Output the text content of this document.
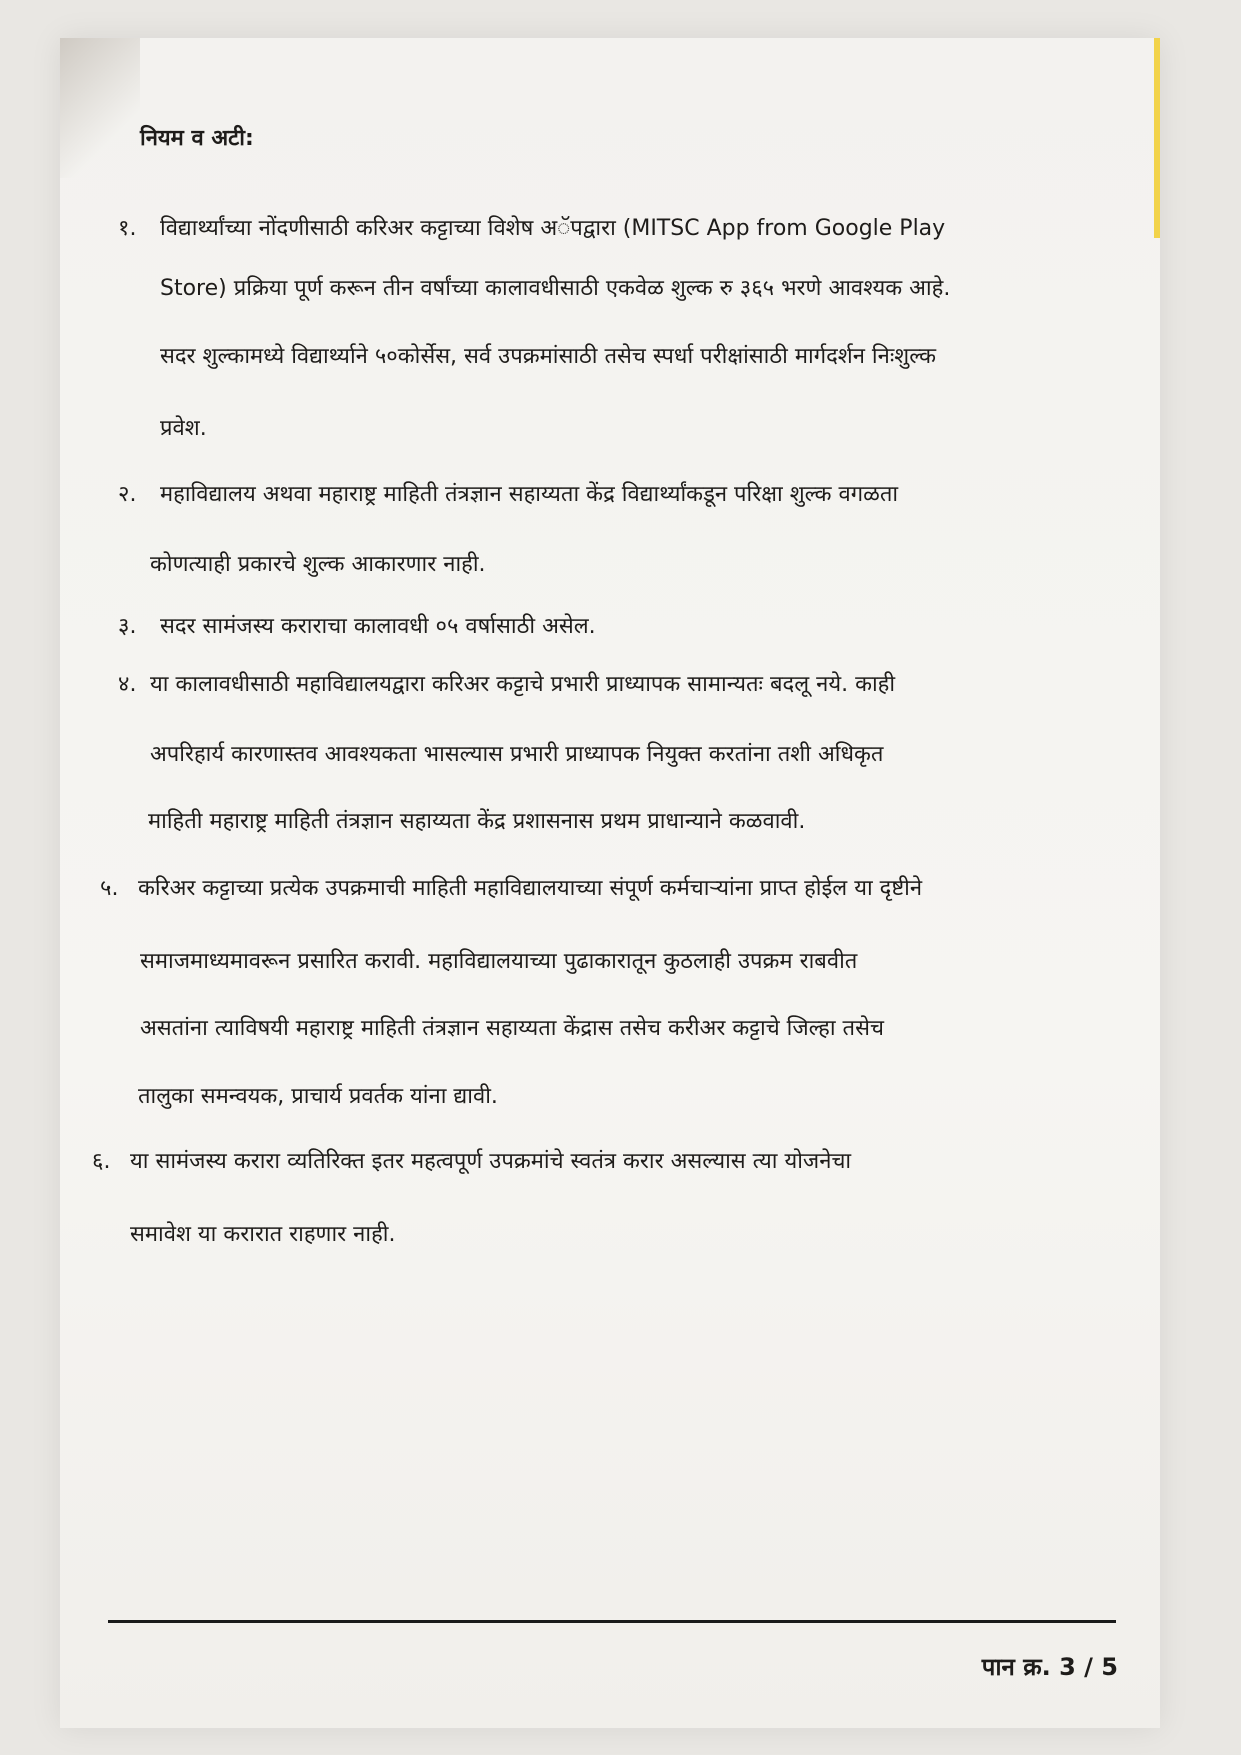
नियम व अटी:
१. विद्यार्थ्यांच्या नोंदणीसाठी करिअर कट्टाच्या विशेष अॅपद्वारा (MITSC App from Google Play
Store) प्रक्रिया पूर्ण करून तीन वर्षांच्या कालावधीसाठी एकवेळ शुल्क रु ३६५ भरणे आवश्यक आहे.
सदर शुल्कामध्ये विद्यार्थ्याने ५०कोर्सेस, सर्व उपक्रमांसाठी तसेच स्पर्धा परीक्षांसाठी मार्गदर्शन निःशुल्क
प्रवेश.
२. महाविद्यालय अथवा महाराष्ट्र माहिती तंत्रज्ञान सहाय्यता केंद्र विद्यार्थ्यांकडून परिक्षा शुल्क वगळता
कोणत्याही प्रकारचे शुल्क आकारणार नाही.
३. सदर सामंजस्य कराराचा कालावधी ०५ वर्षासाठी असेल.
४. या कालावधीसाठी महाविद्यालयद्वारा करिअर कट्टाचे प्रभारी प्राध्यापक सामान्यतः बदलू नये. काही
अपरिहार्य कारणास्तव आवश्यकता भासल्यास प्रभारी प्राध्यापक नियुक्त करतांना तशी अधिकृत
माहिती महाराष्ट्र माहिती तंत्रज्ञान सहाय्यता केंद्र प्रशासनास प्रथम प्राधान्याने कळवावी.
५. करिअर कट्टाच्या प्रत्येक उपक्रमाची माहिती महाविद्यालयाच्या संपूर्ण कर्मचाऱ्यांना प्राप्त होईल या दृष्टीने
समाजमाध्यमावरून प्रसारित करावी. महाविद्यालयाच्या पुढाकारातून कुठलाही उपक्रम राबवीत
असतांना त्याविषयी महाराष्ट्र माहिती तंत्रज्ञान सहाय्यता केंद्रास तसेच करीअर कट्टाचे जिल्हा तसेच
तालुका समन्वयक, प्राचार्य प्रवर्तक यांना द्यावी.
६. या सामंजस्य करारा व्यतिरिक्त इतर महत्वपूर्ण उपक्रमांचे स्वतंत्र करार असल्यास त्या योजनेचा
समावेश या करारात राहणार नाही.
पान क्र. 3 / 5
